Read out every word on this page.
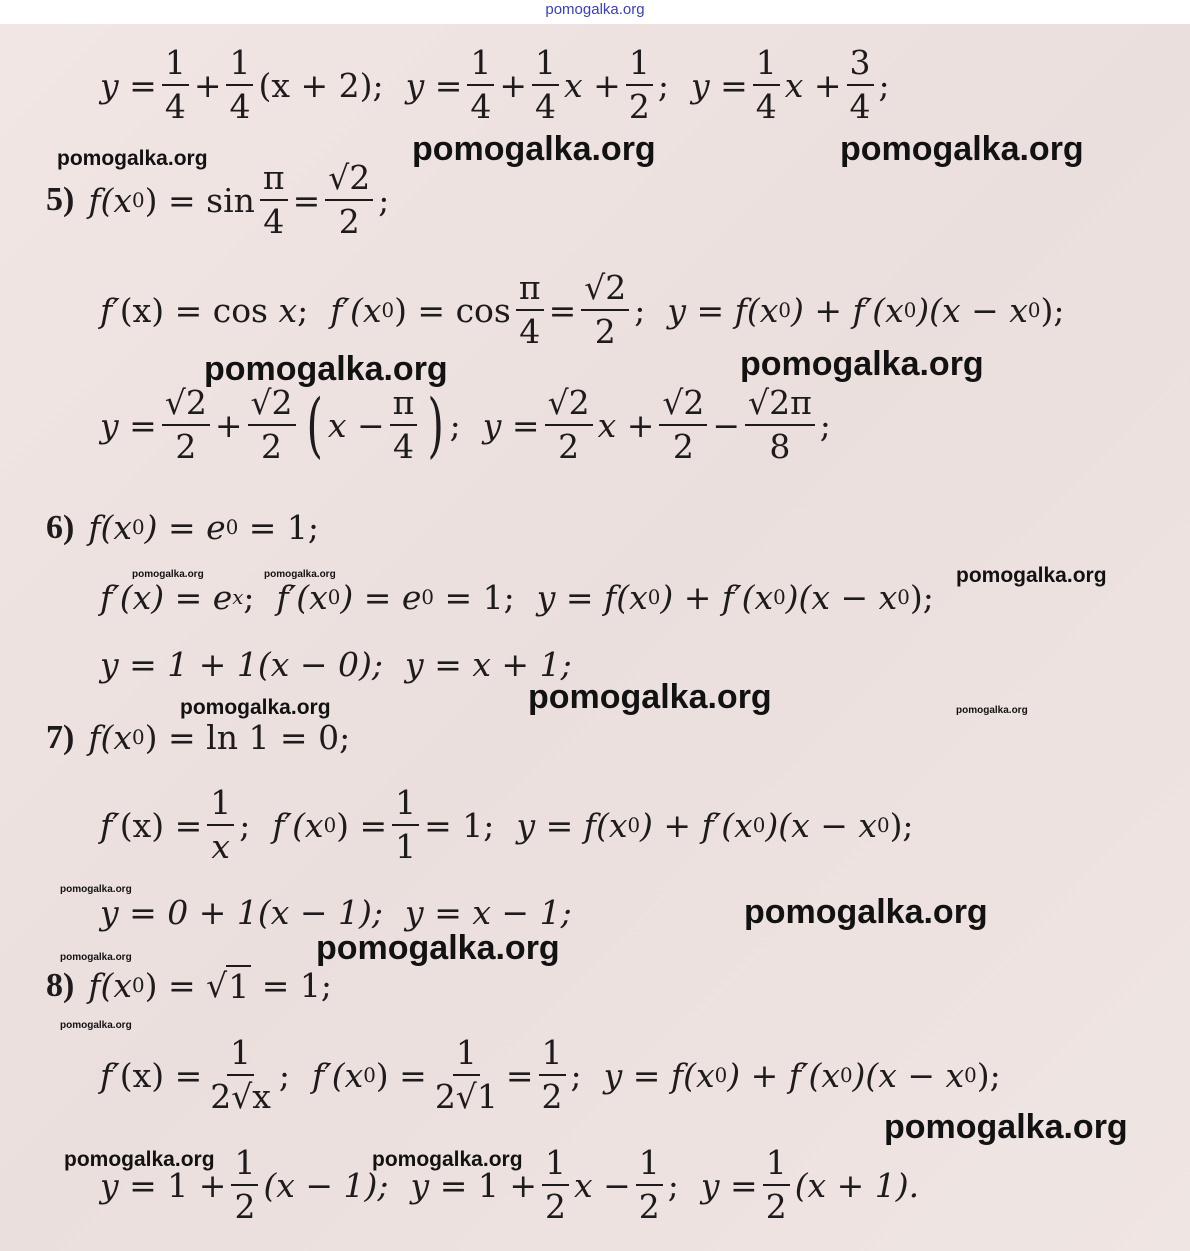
pomogalka.org
y
= $\frac{1}{4} + \frac{1}{4} (x + 2)$; y
= $\frac{1}{4} + \frac{1}{4}$ $x + \frac{1}{2}$ ; y
= $\frac{1}{4}$ $x + \frac{3}{4}$ ;
5) f (x 0 )
= $\sin \frac{\pi}{4} = \frac{√2}{2}$ ;
f′ (x) = cos
x ; f′ (x 0 ) = $\cos \frac{\pi}{4} = \frac{√2}{2}$ ; y
= f (x 0 ) + f′ (x 0 )(x − x 0 );
y
= $\frac{√2}{2} + \frac{√2}{2}$ ( $x - \frac{\pi}{4}$ ) ; y
= $\frac{√2}{2}$ $x + \frac{√2}{2} - \frac{√2\pi}{8}$ ;
6) f (x 0 ) = e 0
= 1;
f′ (x) = e x ; f′ (x 0 ) = e 0
= 1; y
= f (x 0 ) + f′ (x 0 )(x − x 0 );
y
= 1 + 1(x − 0); y
= x + 1;
7) f (x 0 ) = ln 1 = 0;
f′ $(x) = \frac{1}{x}$ ; f′ (x 0 ) = $\frac{1}{1} = 1$; y
= f (x 0 ) + f′ (x 0 )(x − x 0 );
y
= 0 + 1(x − 1); y
= x − 1;
8) f (x 0 ) =
√ 1
= 1;
f′ $(x) = \frac{1}{2√x}$ ; f′ (x 0 ) = $\frac{1}{2√1} = \frac{1}{2}$ ; y
= f (x 0 ) + f′ (x 0 )(x − x 0 );
y
= $1 + \frac{1}{2} (x - 1)$; y
= $1 + \frac{1}{2}$ $x - \frac{1}{2}$ ; y
= $\frac{1}{2} (x + 1)$.
pomogalka.org	pomogalka.org	pomogalka.org
pomogalka.org	pomogalka.org
pomogalka.org	pomogalka.org	pomogalka.org
pomogalka.org
pomogalka.org	pomogalka.org
pomogalka.org
pomogalka.org
pomogalka.org
pomogalka.org
pomogalka.org
pomogalka.org
pomogalka.org	pomogalka.org
